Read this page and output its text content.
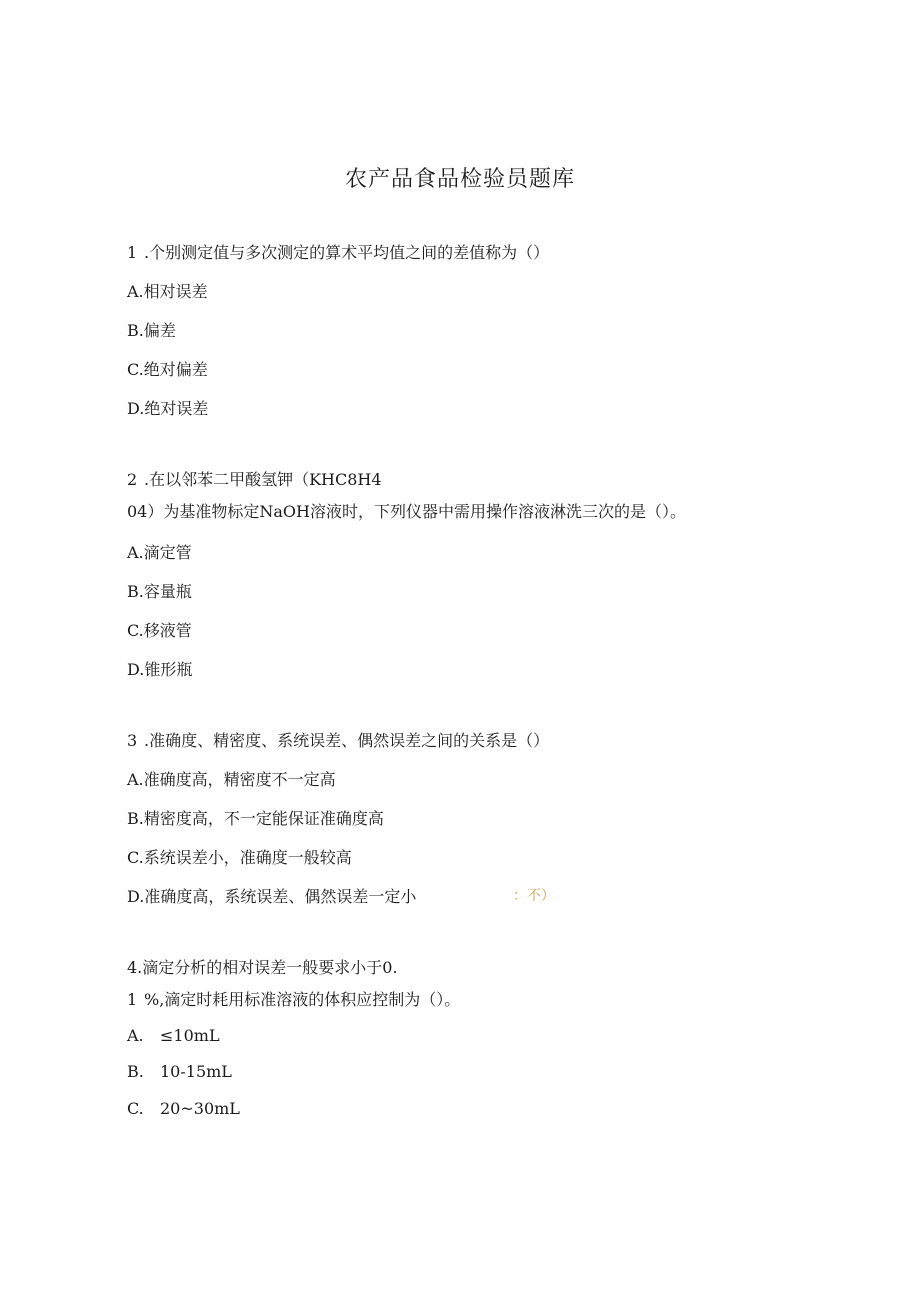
农产品食品检验员题库
1 .个别测定值与多次测定的算术平均值之间的差值称为（）
A.相对误差
B.偏差
C.绝对偏差
D.绝对误差
2 .在以邻苯二甲酸氢钾（KHC8H4
04）为基准物标定NaOH溶液时，下列仪器中需用操作溶液淋洗三次的是（）。
A.滴定管
B.容量瓶
C.移液管
D.锥形瓶
3 .准确度、精密度、系统误差、偶然误差之间的关系是（）
A.准确度高，精密度不一定高
B.精密度高，不一定能保证准确度高
C.系统误差小，准确度一般较高
D.准确度高，系统误差、偶然误差一定小	：不）
4.滴定分析的相对误差一般要求小于0.
1 %,滴定时耗用标准溶液的体积应控制为（）。
A. ≤10mL
B. 10-15mL
C. 20~30mL
